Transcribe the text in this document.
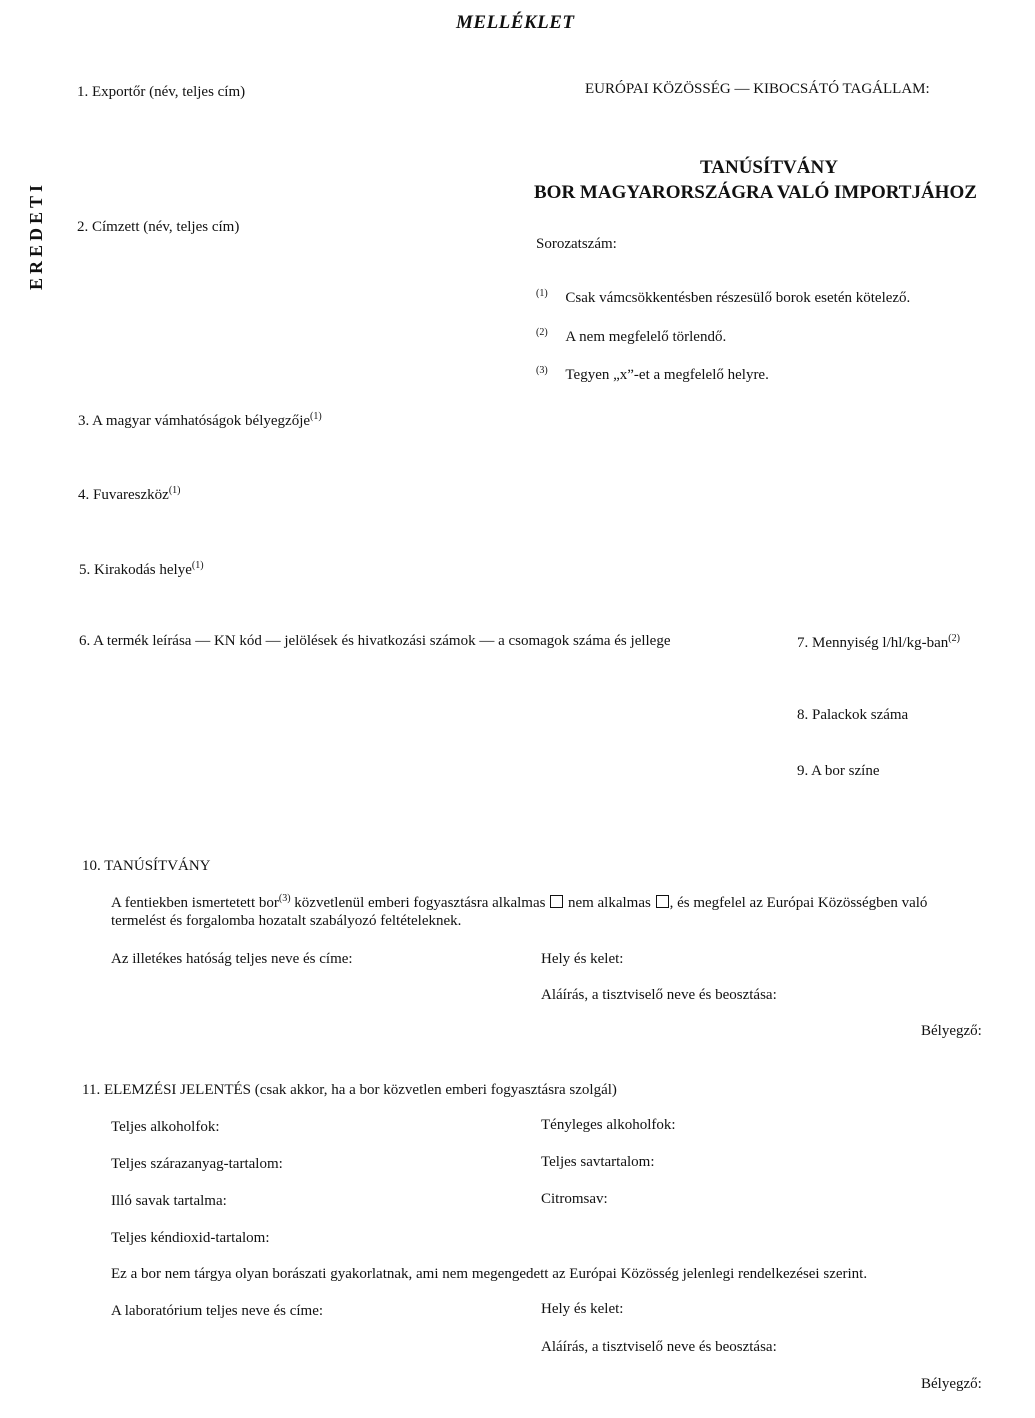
MELLÉKLET
EREDETI
EURÓPAI KÖZÖSSÉG — KIBOCSÁTÓ TAGÁLLAM:
TANÚSÍTVÁNY
BOR MAGYARORSZÁGRA VALÓ IMPORTJÁHOZ
Sorozatszám:
$^{(1)}$ Csak vámcsökkentésben részesülő borok esetén kötelező.
$^{(2)}$ A nem megfelelő törlendő.
$^{(3)}$ Tegyen „x”-et a megfelelő helyre.
1. Exportőr (név, teljes cím)
2. Címzett (név, teljes cím)
3. A magyar vámhatóságok bélyegzője$^{(1)}$
4. Fuvareszköz$^{(1)}$
5. Kirakodás helye$^{(1)}$
6. A termék leírása — KN kód — jelölések és hivatkozási számok — a csomagok száma és jellege	7. Mennyiség l/hl/kg-ban$^{(2)}$
8. Palackok száma
9. A bor színe
10. TANÚSÍTVÁNY
A fentiekben ismertetett bor$^{(3)}$ közvetlenül emberi fogyasztásra alkalmas  nem alkalmas , és megfelel az Európai Közösségben való
termelést és forgalomba hozatalt szabályozó feltételeknek.
Az illetékes hatóság teljes neve és címe:	Hely és kelet:
Aláírás, a tisztviselő neve és beosztása:
Bélyegző:
11. ELEMZÉSI JELENTÉS (csak akkor, ha a bor közvetlen emberi fogyasztásra szolgál)
Teljes alkoholfok:	Tényleges alkoholfok:
Teljes szárazanyag-tartalom:	Teljes savtartalom:
Illó savak tartalma:	Citromsav:
Teljes kéndioxid-tartalom:
Ez a bor nem tárgya olyan borászati gyakorlatnak, ami nem megengedett az Európai Közösség jelenlegi rendelkezései szerint.
A laboratórium teljes neve és címe:	Hely és kelet:
Aláírás, a tisztviselő neve és beosztása:
Bélyegző:
